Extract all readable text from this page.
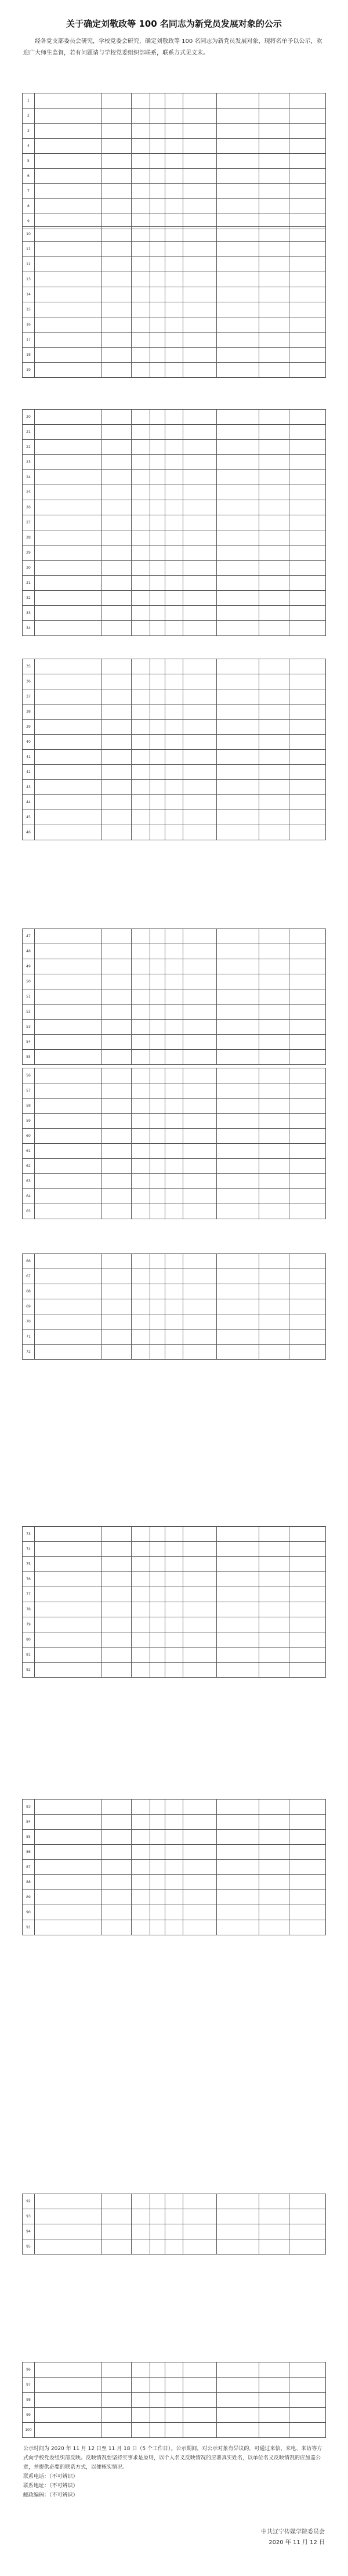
关于确定刘敬政等 100 名同志为新党员发展对象的公示
经各党支部委员会研究，学校党委会研究，确定刘敬政等 100 名同志为新党员发展对象，现将名单予以公示，欢迎广大师生监督，若有问题请与学校党委组织部联系，联系方式见文末。
1									
2									
3									
4									
5									
6									
7									
8									
9									
10									
11									
12									
13									
14									
15									
16									
17									
18									
19									
20									
21									
22									
23									
24									
25									
26									
27									
28									
29									
30									
31									
32									
33									
34									
35									
36									
37									
38									
39									
40									
41									
42									
43									
44									
45									
46									
47									
48									
49									
50									
51									
52									
53									
54									
55									
56									
57									
58									
59									
60									
61									
62									
63									
64									
65									
66									
67									
68									
69									
70									
71									
72									
73									
74									
75									
76									
77									
78									
79									
80									
81									
82									
83									
84									
85									
86									
87									
88									
89									
90									
91									
92									
93									
94									
95									
96									
97									
98									
99									
100									

公示时间为 2020 年 11 月 12 日至 11 月 18 日（5 个工作日）。公示期间，对公示对象有异议的，可通过来信、来电、来访等方式向学校党委组织部反映。反映情况要坚持实事求是原则，以个人名义反映情况的应署真实姓名，以单位名义反映情况的应加盖公章，并提供必要的联系方式，以便核实情况。

联系电话：（不可辨识）

联系地址：（不可辨识）

邮政编码：（不可辨识）

中共辽宁传媒学院委员会
2020 年 11 月 12 日
